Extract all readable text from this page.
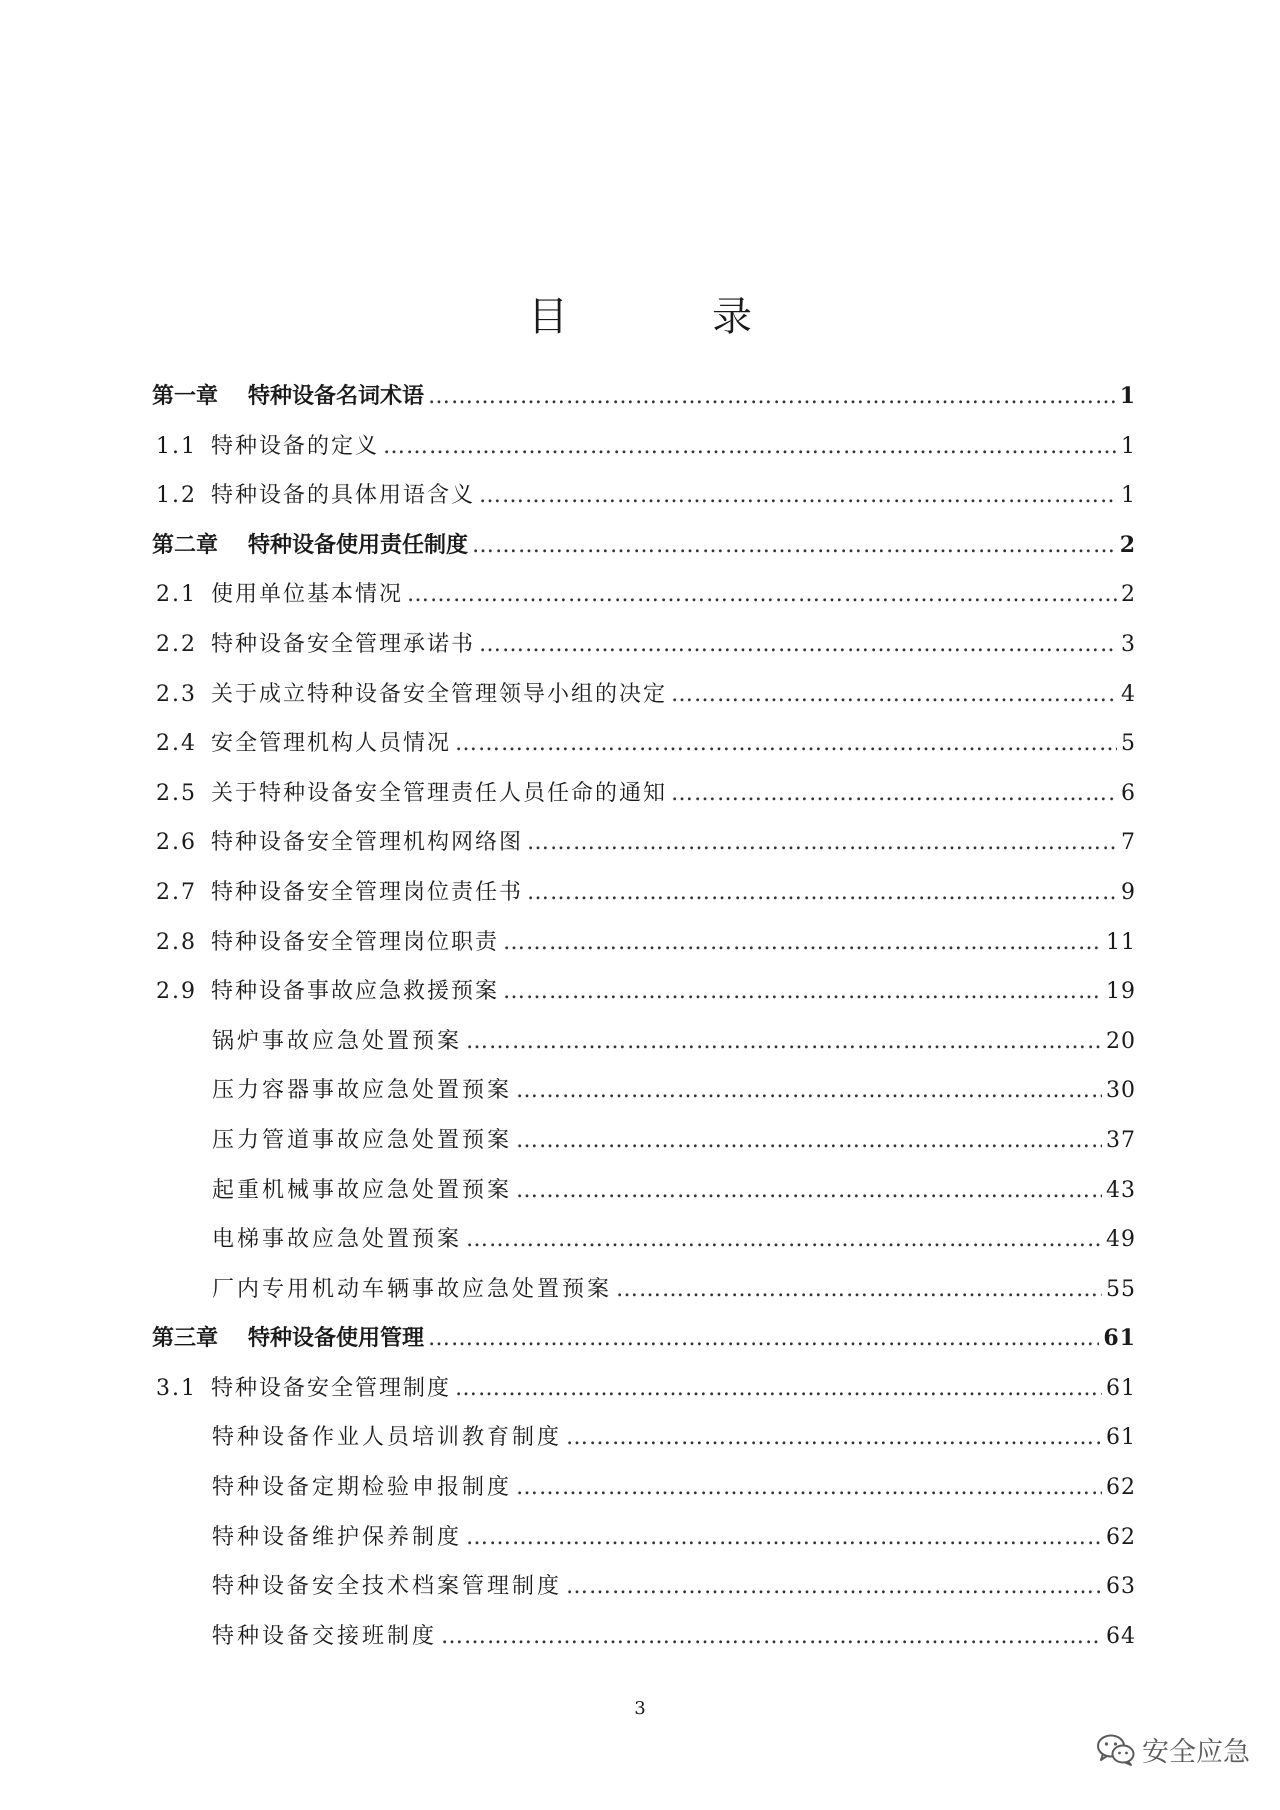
目　录
第一章 特种设备名词术语 …………………………………………………………………………………………………………………………………………………………………………………………	1
1.1 特种设备的定义 …………………………………………………………………………………………………………………………………………………………………………………………	1
1.2 特种设备的具体用语含义 …………………………………………………………………………………………………………………………………………………………………………………………	1
第二章 特种设备使用责任制度 …………………………………………………………………………………………………………………………………………………………………………………………	2
2.1 使用单位基本情况 …………………………………………………………………………………………………………………………………………………………………………………………	2
2.2 特种设备安全管理承诺书 …………………………………………………………………………………………………………………………………………………………………………………………	3
2.3 关于成立特种设备安全管理领导小组的决定 …………………………………………………………………………………………………………………………………………………………………………………………	4
2.4 安全管理机构人员情况 …………………………………………………………………………………………………………………………………………………………………………………………	5
2.5 关于特种设备安全管理责任人员任命的通知 …………………………………………………………………………………………………………………………………………………………………………………………	6
2.6 特种设备安全管理机构网络图 …………………………………………………………………………………………………………………………………………………………………………………………	7
2.7 特种设备安全管理岗位责任书 …………………………………………………………………………………………………………………………………………………………………………………………	9
2.8 特种设备安全管理岗位职责 …………………………………………………………………………………………………………………………………………………………………………………………	11
2.9 特种设备事故应急救援预案 …………………………………………………………………………………………………………………………………………………………………………………………	19
锅炉事故应急处置预案 …………………………………………………………………………………………………………………………………………………………………………………………	20
压力容器事故应急处置预案 …………………………………………………………………………………………………………………………………………………………………………………………	30
压力管道事故应急处置预案 …………………………………………………………………………………………………………………………………………………………………………………………	37
起重机械事故应急处置预案 …………………………………………………………………………………………………………………………………………………………………………………………	43
电梯事故应急处置预案 …………………………………………………………………………………………………………………………………………………………………………………………	49
厂内专用机动车辆事故应急处置预案 …………………………………………………………………………………………………………………………………………………………………………………………	55
第三章 特种设备使用管理 …………………………………………………………………………………………………………………………………………………………………………………………	61
3.1 特种设备安全管理制度 …………………………………………………………………………………………………………………………………………………………………………………………	61
特种设备作业人员培训教育制度 …………………………………………………………………………………………………………………………………………………………………………………………	61
特种设备定期检验申报制度 …………………………………………………………………………………………………………………………………………………………………………………………	62
特种设备维护保养制度 …………………………………………………………………………………………………………………………………………………………………………………………	62
特种设备安全技术档案管理制度 …………………………………………………………………………………………………………………………………………………………………………………………	63
特种设备交接班制度 …………………………………………………………………………………………………………………………………………………………………………………………	64
3
安全应急
